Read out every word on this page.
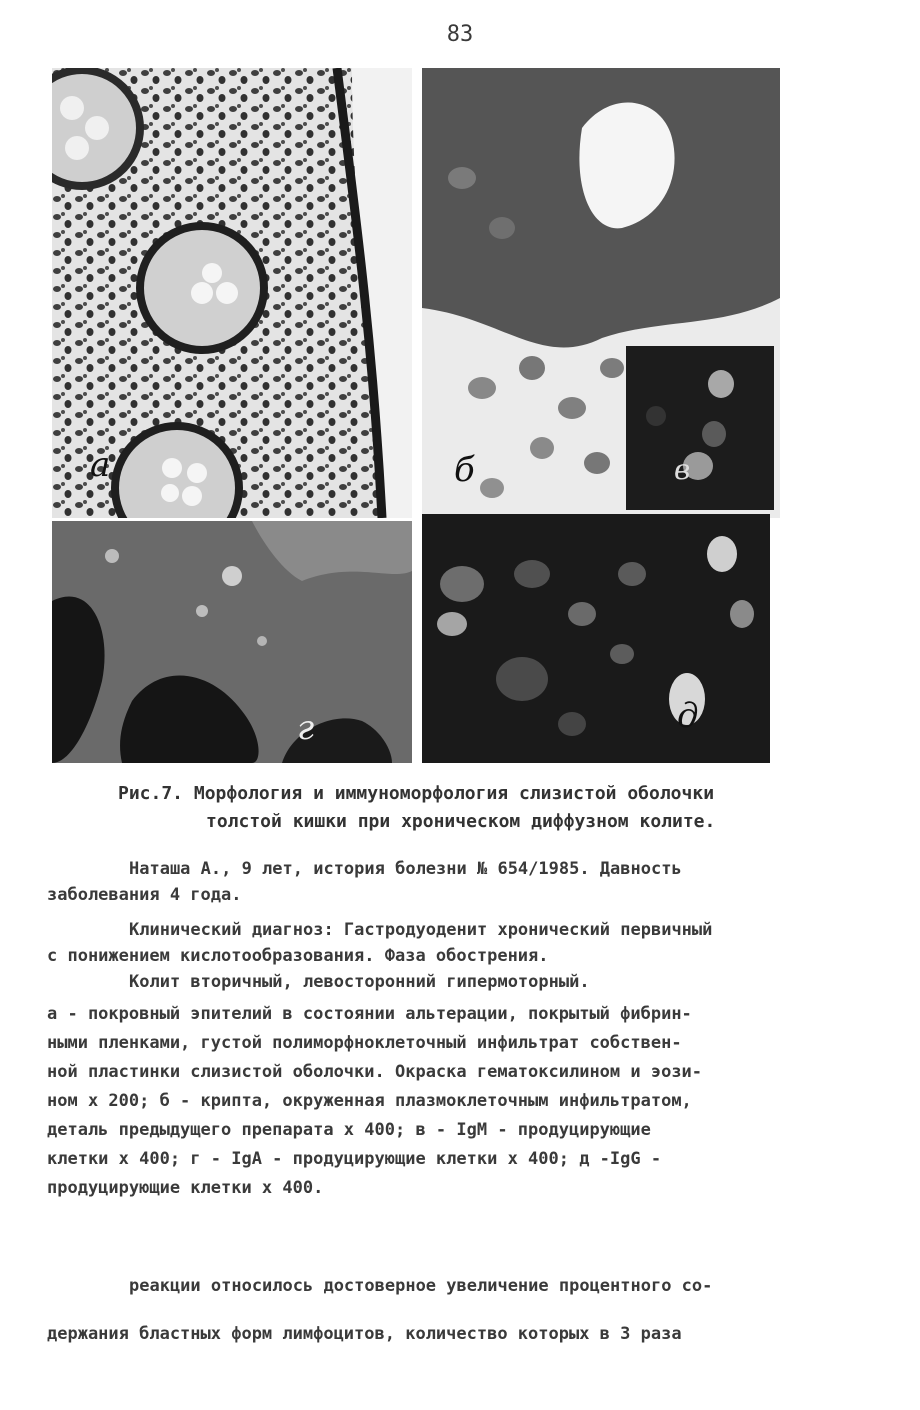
83
a	б	в
г	д
Рис.7. Морфология и иммуноморфология слизистой оболочки
толстой кишки при хроническом диффузном колите.
Наташа А., 9 лет, история болезни № 654/1985. Давность
заболевания 4 года.
Клинический диагноз: Гастродуоденит хронический первичный
с понижением кислотообразования. Фаза обострения.
Колит вторичный, левосторонний гипермоторный.
а - покровный эпителий в состоянии альтерации, покрытый фибрин-
ными пленками, густой полиморфноклеточный инфильтрат собствен-
ной пластинки слизистой оболочки. Окраска гематоксилином и эози-
ном х 200; б - крипта, окруженная плазмоклеточным инфильтратом,
деталь предыдущего препарата х 400; в - IgM - продуцирующие
клетки х 400; г - IgA - продуцирующие клетки х 400; д -IgG -
продуцирующие клетки х 400.
реакции относилось достоверное увеличение процентного со-
держания бластных форм лимфоцитов, количество которых в 3 раза
